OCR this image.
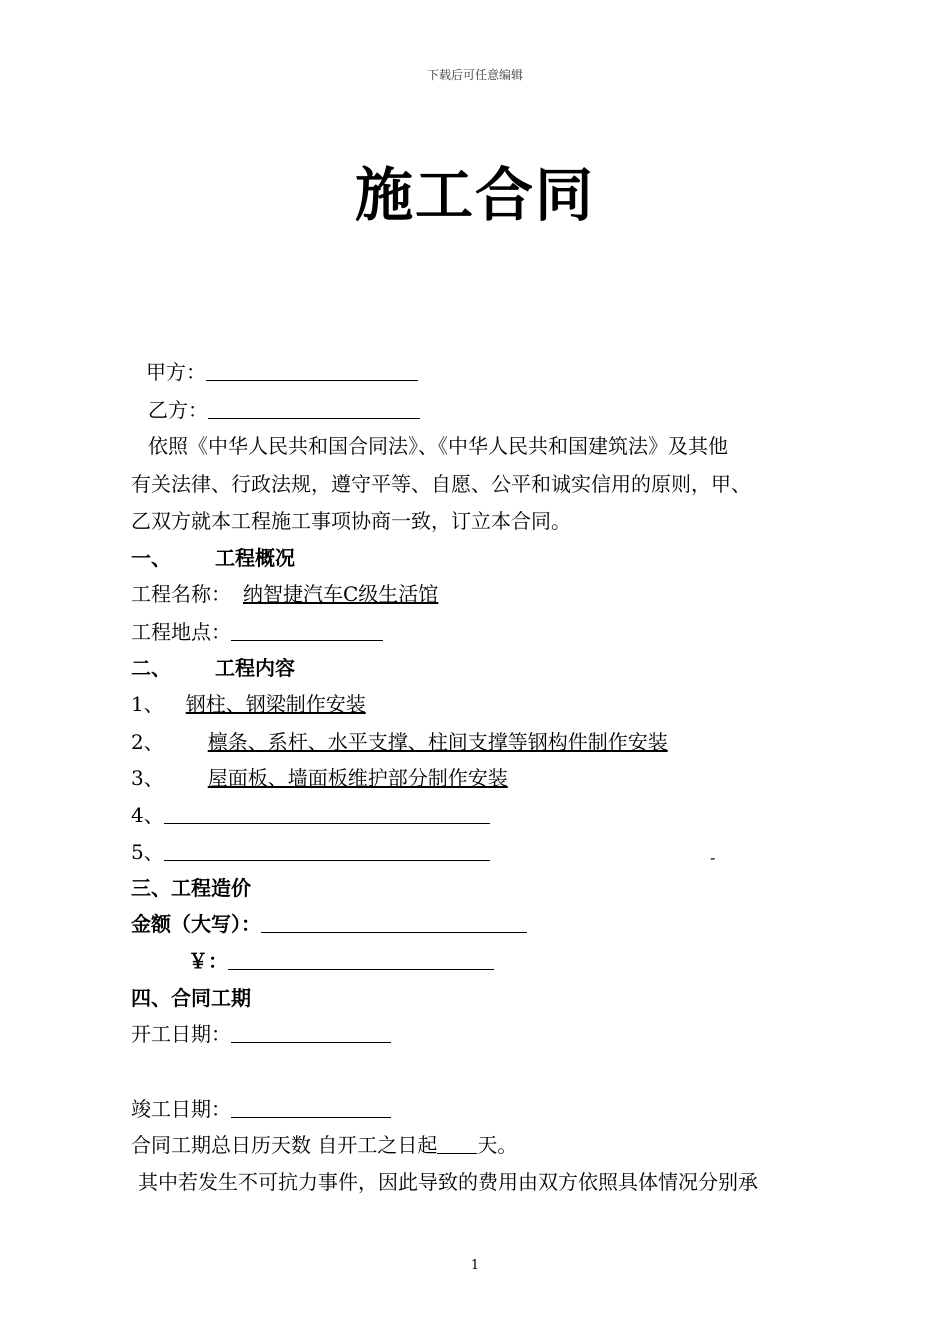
下载后可任意编辑
施工合同
甲方：
乙方：
依照《中华人民共和国合同法》、《中华人民共和国建筑法》及其他
有关法律、行政法规，遵守平等、自愿、公平和诚实信用的原则，甲、
乙双方就本工程施工事项协商一致，订立本合同。
一、 工程概况
工程名称： 纳智捷汽车C级生活馆
工程地点：
二、 工程内容
1、 钢柱、钢梁制作安装
2、 檩条、系杆、水平支撑、柱间支撑等钢构件制作安装
3、 屋面板、墙面板维护部分制作安装
4、
5、	-
三、工程造价
金额（大写）：
￥：
四、合同工期
开工日期：
竣工日期：
合同工期总日历天数 自开工之日起 天。
其中若发生不可抗力事件，因此导致的费用由双方依照具体情况分别承
1
